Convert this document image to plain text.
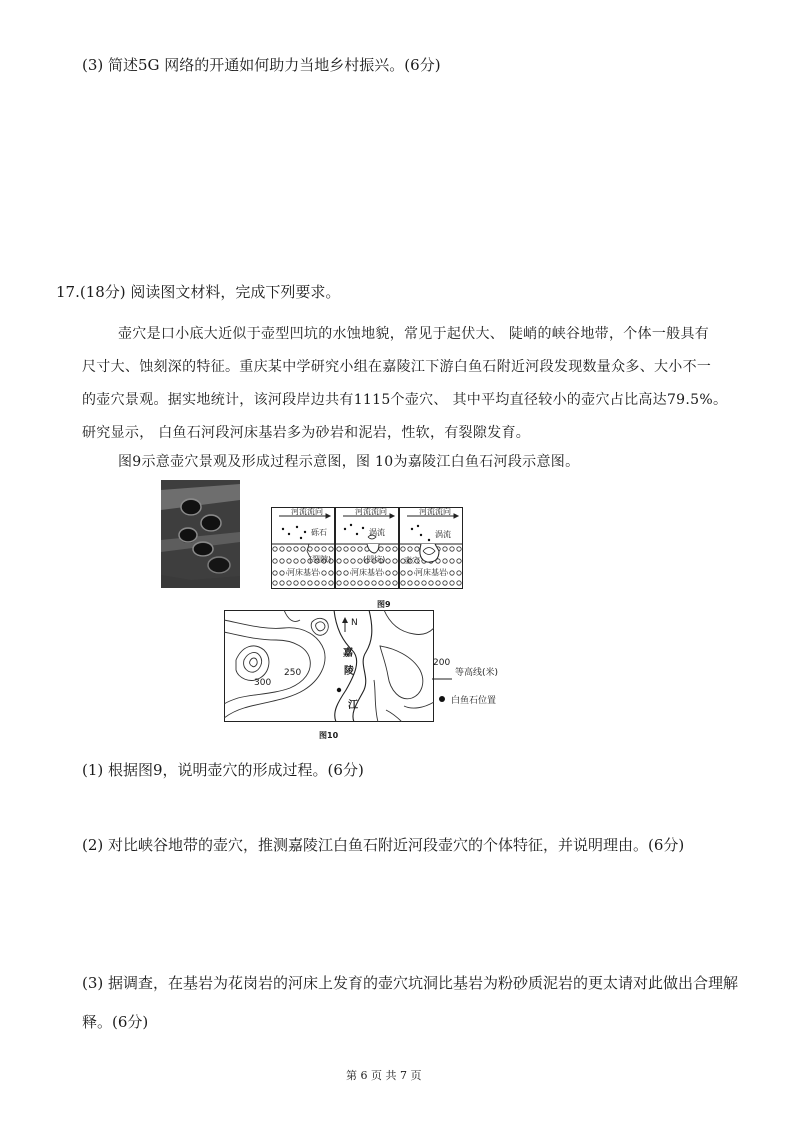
(3) 简述5G 网络的开通如何助力当地乡村振兴。(6分)
17.(18分) 阅读图文材料，完成下列要求。
壶穴是口小底大近似于壶型凹坑的水蚀地貌，常见于起伏大、 陡峭的峡谷地带，个体一般具有
尺寸大、蚀刻深的特征。重庆某中学研究小组在嘉陵江下游白鱼石附近河段发现数量众多、大小不一
的壶穴景观。据实地统计，该河段岸边共有1115个壶穴、 其中平均直径较小的壶穴占比高达79.5%。
研究显示， 白鱼石河段河床基岩多为砂岩和泥岩，性软，有裂隙发育。
图9示意壶穴景观及形成过程示意图，图 10为嘉陵江白鱼石河段示意图。
河流流向	河流流向	河流流向
砾石	涡流	涡流
(裂隙)	(凹坑) 壶穴
河床基岩	河床基岩	河床基岩
图9
N
300
250
嘉
陵
江
200
等高线(米)
白鱼石位置
图10
(1) 根据图9，说明壶穴的形成过程。(6分)
(2) 对比峡谷地带的壶穴，推测嘉陵江白鱼石附近河段壶穴的个体特征，并说明理由。(6分)
(3) 据调查，在基岩为花岗岩的河床上发育的壶穴坑洞比基岩为粉砂质泥岩的更太请对此做出合理解
释。(6分)
第 6 页 共 7 页
